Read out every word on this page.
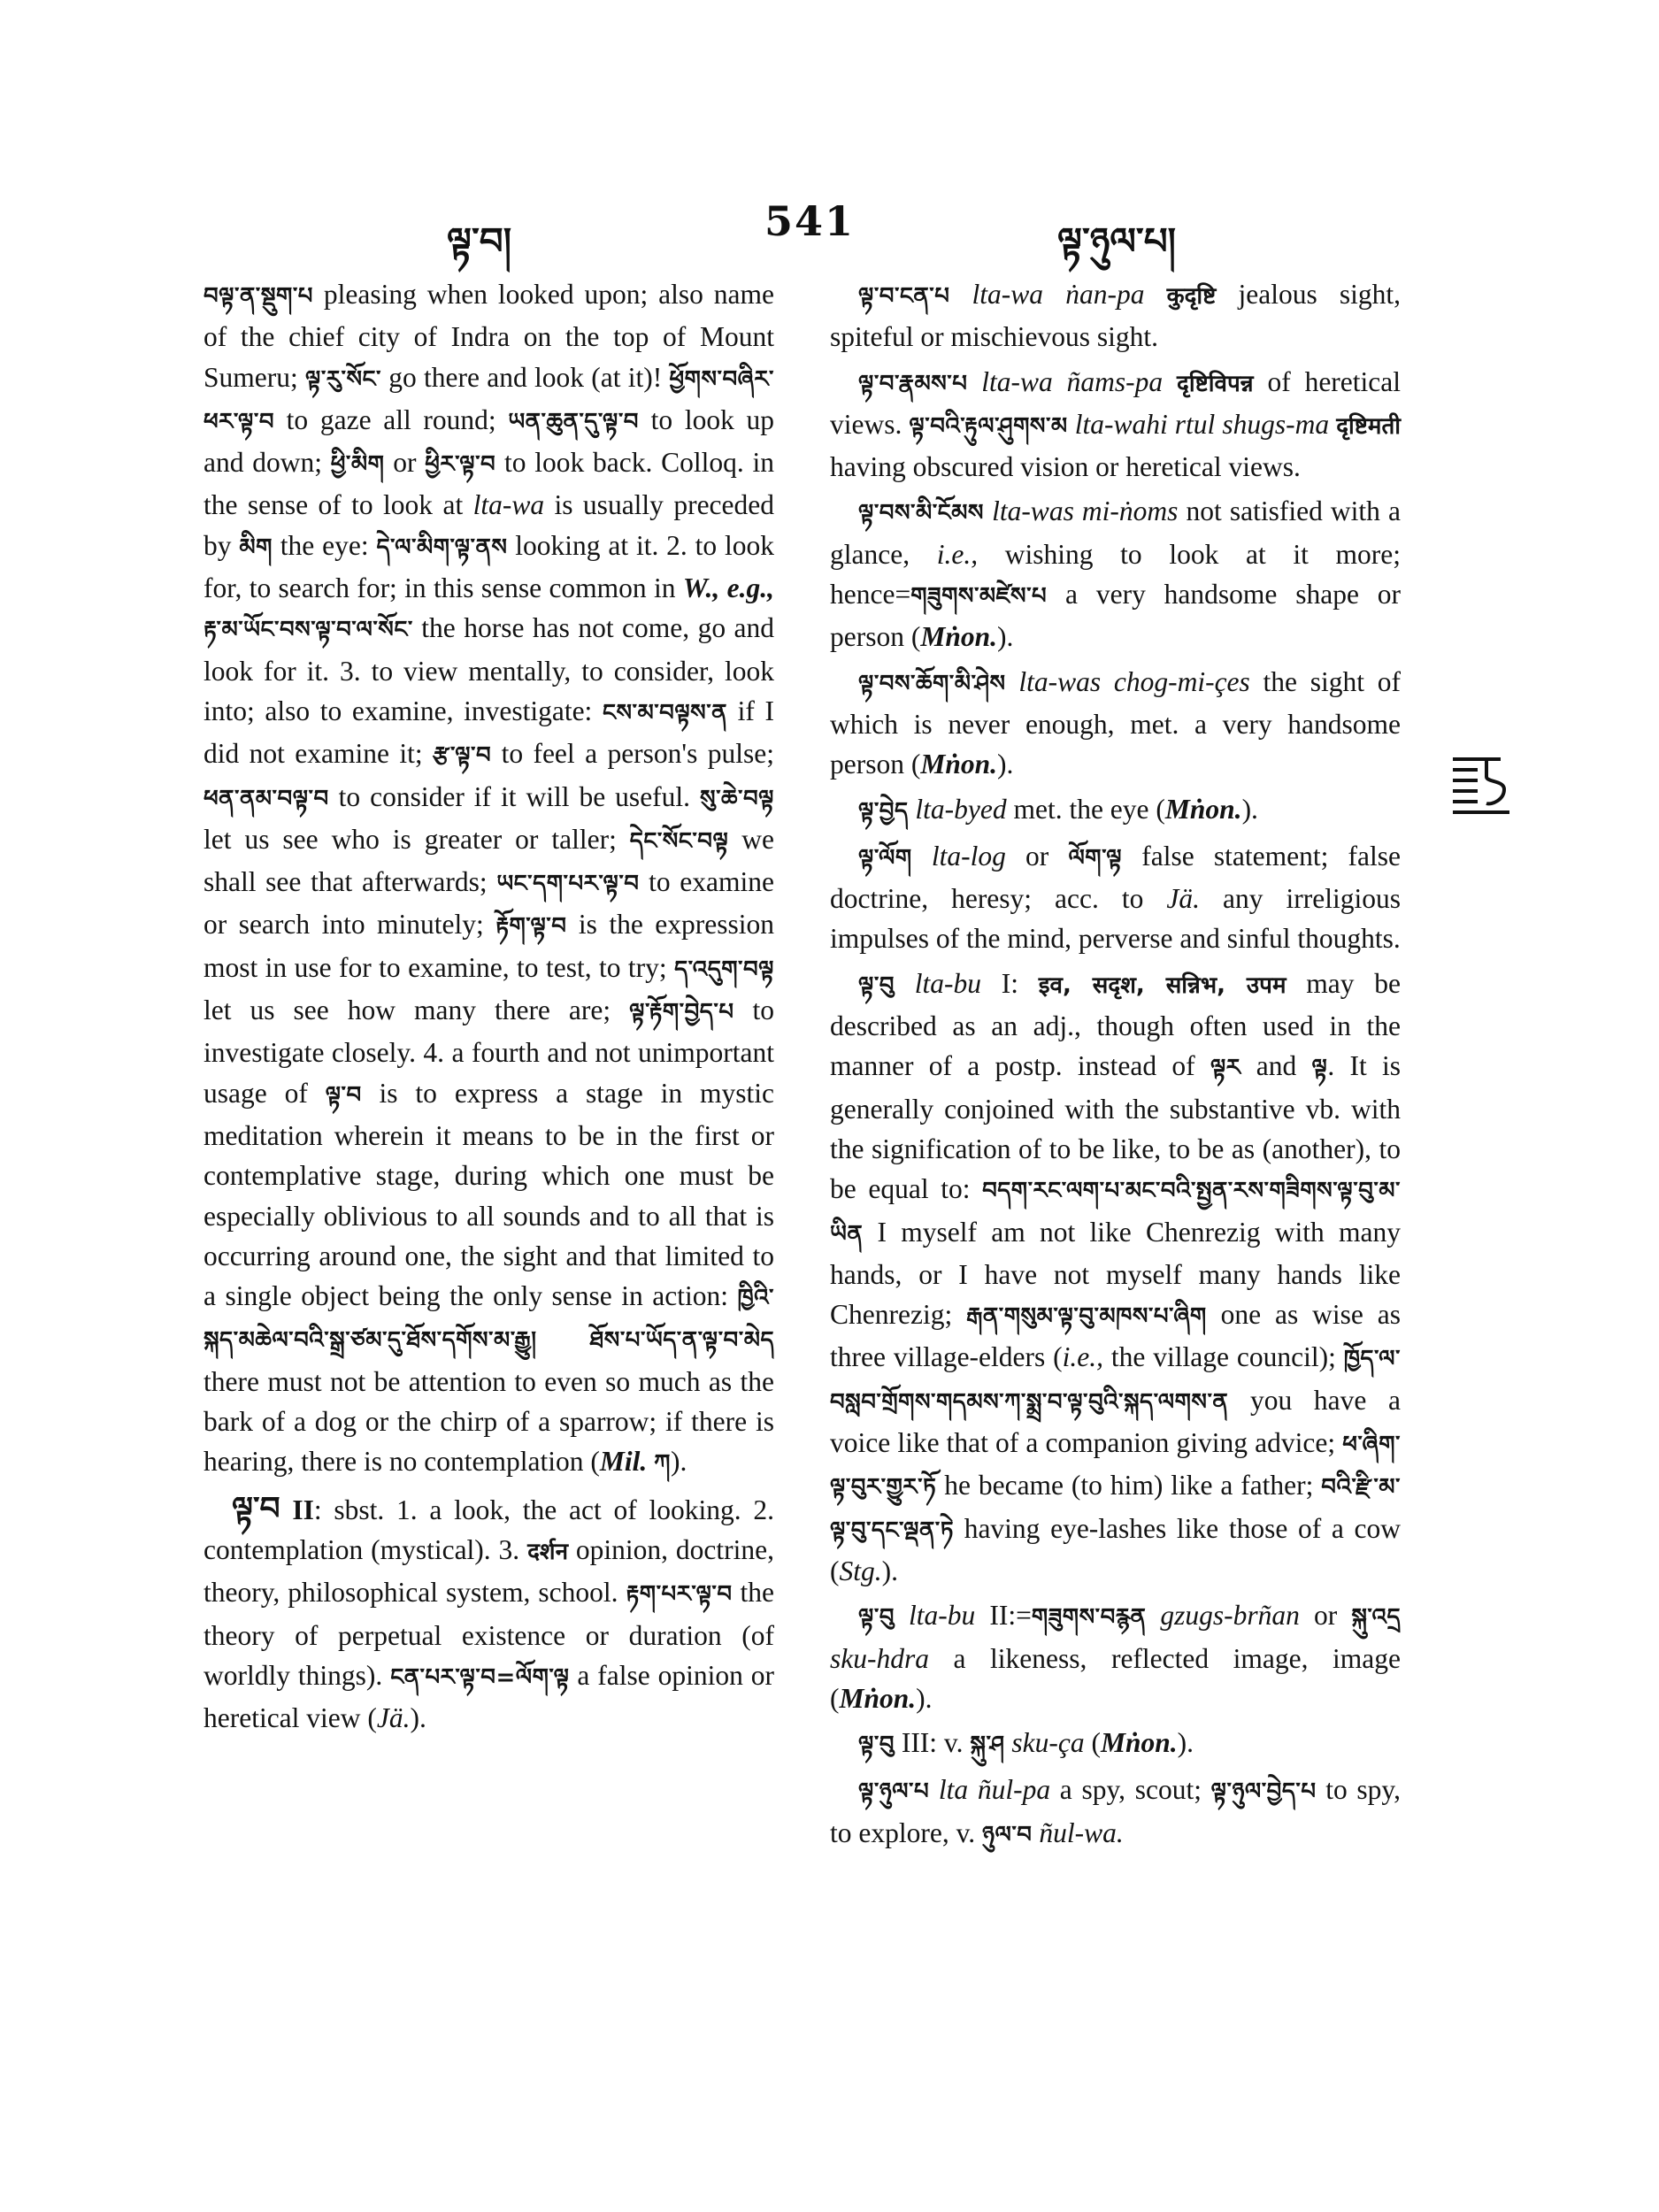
ལྟ་བ།	541	ལྟ་ཉུལ་པ།

བལྟ་ན་སྡུག་པ pleasing when looked upon; also name of the chief city of Indra on the top of Mount Sumeru; ལྟ་རུ་སོང་ go there and look (at it)! ཕྱོགས་བཞིར་ཕར་ལྟ་བ to gaze all round; ཡན་ཆུན་དུ་ལྟ་བ to look up and down; ཕྱི་མིག or ཕྱིར་ལྟ་བ to look back. Colloq. in the sense of to look at lta-wa is usually preceded by མིག the eye: དེ་ལ་མིག་ལྟ་ནས looking at it. 2. to look for, to search for; in this sense common in W., e.g., རྟ་མ་ཡོང་བས་ལྟ་བ་ལ་སོང་ the horse has not come, go and look for it. 3. to view mentally, to consider, look into; also to examine, investigate: ངས་མ་བལྟས་ན if I did not examine it; རྩ་ལྟ་བ to feel a person's pulse; ཕན་ནམ་བལྟ་བ to consider if it will be useful. སུ་ཆེ་བལྟ let us see who is greater or taller; དེང་སོང་བལྟ we shall see that afterwards; ཡང་དག་པར་ལྟ་བ to examine or search into minutely; རྟོག་ལྟ་བ is the expression most in use for to examine, to test, to try; ད་འདུག་བལྟ let us see how many there are; ལྟ་རྟོག་བྱེད་པ to investigate closely. 4. a fourth and not unimportant usage of ལྟ་བ is to express a stage in mystic meditation wherein it means to be in the first or contemplative stage, during which one must be especially oblivious to all sounds and to all that is occurring around one, the sight and that limited to a single object being the only sense in action: ཁྱིའི་སྐད་མཆེལ་བའི་སྒྲ་ཙམ་དུ་ཐོས་དགོས་མ་རྒྱུ། ཐོས་པ་ཡོད་ན་ལྟ་བ་མེད there must not be attention to even so much as the bark of a dog or the chirp of a sparrow; if there is hearing, there is no contemplation (Mil. ཀ).

ལྟ་བ II: sbst. 1. a look, the act of looking. 2. contemplation (mystical). 3. दर्शन opinion, doctrine, theory, philosophical system, school. རྟག་པར་ལྟ་བ the theory of perpetual existence or duration (of worldly things). ངན་པར་ལྟ་བ=ལོག་ལྟ a false opinion or heretical view (Jä.).

ལྟ་བ་ངན་པ lta-wa ṅan-pa कुदृष्टि jealous sight, spiteful or mischievous sight.

ལྟ་བ་རྣམས་པ lta-wa ñams-pa दृष्टिविपन्न of heretical views. ལྟ་བའི་རྟུལ་ཤུགས་མ lta-wahi rtul shugs-ma दृष्टिमती having obscured vision or heretical views.

ལྟ་བས་མི་ངོམས lta-was mi-ṅoms not satisfied with a glance, i.e., wishing to look at it more; hence=གཟུགས་མཛེས་པ a very handsome shape or person (Mṅon.).

ལྟ་བས་ཆོག་མི་ཤེས lta-was chog-mi-çes the sight of which is never enough, met. a very handsome person (Mṅon.).

ལྟ་བྱེད lta-byed met. the eye (Mṅon.).

ལྟ་ལོག lta-log or ལོག་ལྟ false statement; false doctrine, heresy; acc. to Jä. any irreligious impulses of the mind, perverse and sinful thoughts.

ལྟ་བུ lta-bu I: इव, सदृश, सन्निभ, उपम may be described as an adj., though often used in the manner of a postp. instead of ལྟར and ལྟ. It is generally conjoined with the substantive vb. with the signification of to be like, to be as (another), to be equal to: བདག་རང་ལག་པ་མང་བའི་སྤྱན་རས་གཟིགས་ལྟ་བུ་མ་ཡིན I myself am not like Chenrezig with many hands, or I have not myself many hands like Chenrezig; རྒན་གསུམ་ལྟ་བུ་མཁས་པ་ཞིག one as wise as three village-elders (i.e., the village council); ཁྱོད་ལ་བསླབ་གྲོགས་གདམས་ཀ་སྨྲ་བ་ལྟ་བུའི་སྐད་ལགས་ན you have a voice like that of a companion giving advice; ཕ་ཞིག་ལྟ་བུར་གྱུར་ཏོ he became (to him) like a father; བའི་རྫི་མ་ལྟ་བུ་དང་ལྡན་ཏེ having eye-lashes like those of a cow (Stg.).

ལྟ་བུ lta-bu II:=གཟུགས་བརྙན gzugs-brñan or སྐུ་འདྲ sku-hdra a likeness, reflected image, image (Mṅon.).

ལྟ་བུ III: v. སྐུ་ཤ sku-ça (Mṅon.).

ལྟ་ཉུལ་པ lta ñul-pa a spy, scout; ལྟ་ཉུལ་བྱེད་པ to spy, to explore, v. ཉུལ་བ ñul-wa.

ཏ
